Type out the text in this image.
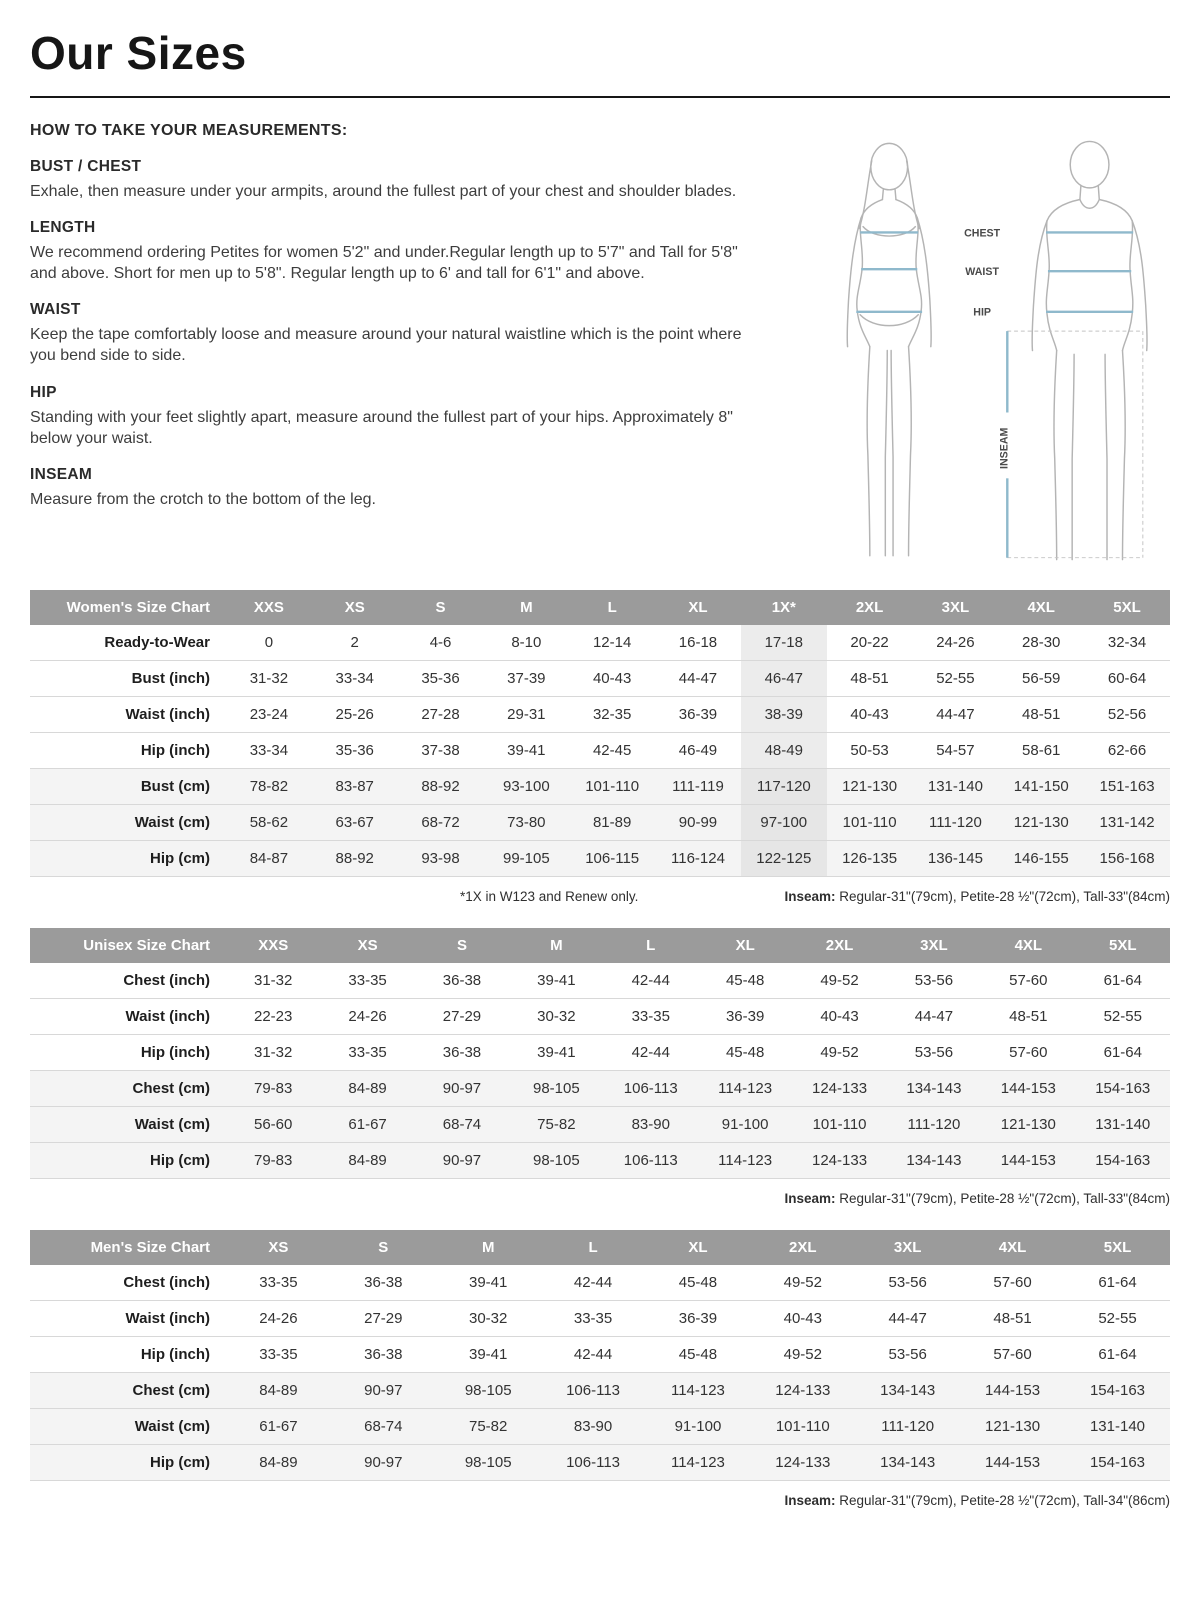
Our Sizes

HOW TO TAKE YOUR MEASUREMENTS:

BUST / CHEST

Exhale, then measure under your armpits, around the fullest part of your chest and shoulder blades.

LENGTH

We recommend ordering Petites for women 5'2" and under.Regular length up to 5'7" and Tall for 5'8" and above. Short for men up to 5'8". Regular length up to 6' and tall for 6'1" and above.

WAIST

Keep the tape comfortably loose and measure around your natural waistline which is the point where you bend side to side.

HIP

Standing with your feet slightly apart, measure around the fullest part of your hips. Approximately 8" below your waist.

INSEAM

Measure from the crotch to the bottom of the leg.

CHEST
WAIST
HIP
INSEAM
Women's Size Chart	XXS	XS	S	M	L	XL	1X*	2XL	3XL	4XL	5XL
Ready-to-Wear	0	2	4-6	8-10	12-14	16-18	17-18	20-22	24-26	28-30	32-34
Bust (inch)	31-32	33-34	35-36	37-39	40-43	44-47	46-47	48-51	52-55	56-59	60-64
Waist (inch)	23-24	25-26	27-28	29-31	32-35	36-39	38-39	40-43	44-47	48-51	52-56
Hip (inch)	33-34	35-36	37-38	39-41	42-45	46-49	48-49	50-53	54-57	58-61	62-66
Bust (cm)	78-82	83-87	88-92	93-100	101-110	111-119	117-120	121-130	131-140	141-150	151-163
Waist (cm)	58-62	63-67	68-72	73-80	81-89	90-99	97-100	101-110	111-120	121-130	131-142
Hip (cm)	84-87	88-92	93-98	99-105	106-115	116-124	122-125	126-135	136-145	146-155	156-168
*1X in W123 and Renew only.	Inseam: Regular-31"(79cm), Petite-28 ½"(72cm), Tall-33"(84cm)
Unisex Size Chart	XXS	XS	S	M	L	XL	2XL	3XL	4XL	5XL
Chest (inch)	31-32	33-35	36-38	39-41	42-44	45-48	49-52	53-56	57-60	61-64
Waist (inch)	22-23	24-26	27-29	30-32	33-35	36-39	40-43	44-47	48-51	52-55
Hip (inch)	31-32	33-35	36-38	39-41	42-44	45-48	49-52	53-56	57-60	61-64
Chest (cm)	79-83	84-89	90-97	98-105	106-113	114-123	124-133	134-143	144-153	154-163
Waist (cm)	56-60	61-67	68-74	75-82	83-90	91-100	101-110	111-120	121-130	131-140
Hip (cm)	79-83	84-89	90-97	98-105	106-113	114-123	124-133	134-143	144-153	154-163
Inseam: Regular-31"(79cm), Petite-28 ½"(72cm), Tall-33"(84cm)
Men's Size Chart	XS	S	M	L	XL	2XL	3XL	4XL	5XL
Chest (inch)	33-35	36-38	39-41	42-44	45-48	49-52	53-56	57-60	61-64
Waist (inch)	24-26	27-29	30-32	33-35	36-39	40-43	44-47	48-51	52-55
Hip (inch)	33-35	36-38	39-41	42-44	45-48	49-52	53-56	57-60	61-64
Chest (cm)	84-89	90-97	98-105	106-113	114-123	124-133	134-143	144-153	154-163
Waist (cm)	61-67	68-74	75-82	83-90	91-100	101-110	111-120	121-130	131-140
Hip (cm)	84-89	90-97	98-105	106-113	114-123	124-133	134-143	144-153	154-163
Inseam: Regular-31"(79cm), Petite-28 ½"(72cm), Tall-34"(86cm)
